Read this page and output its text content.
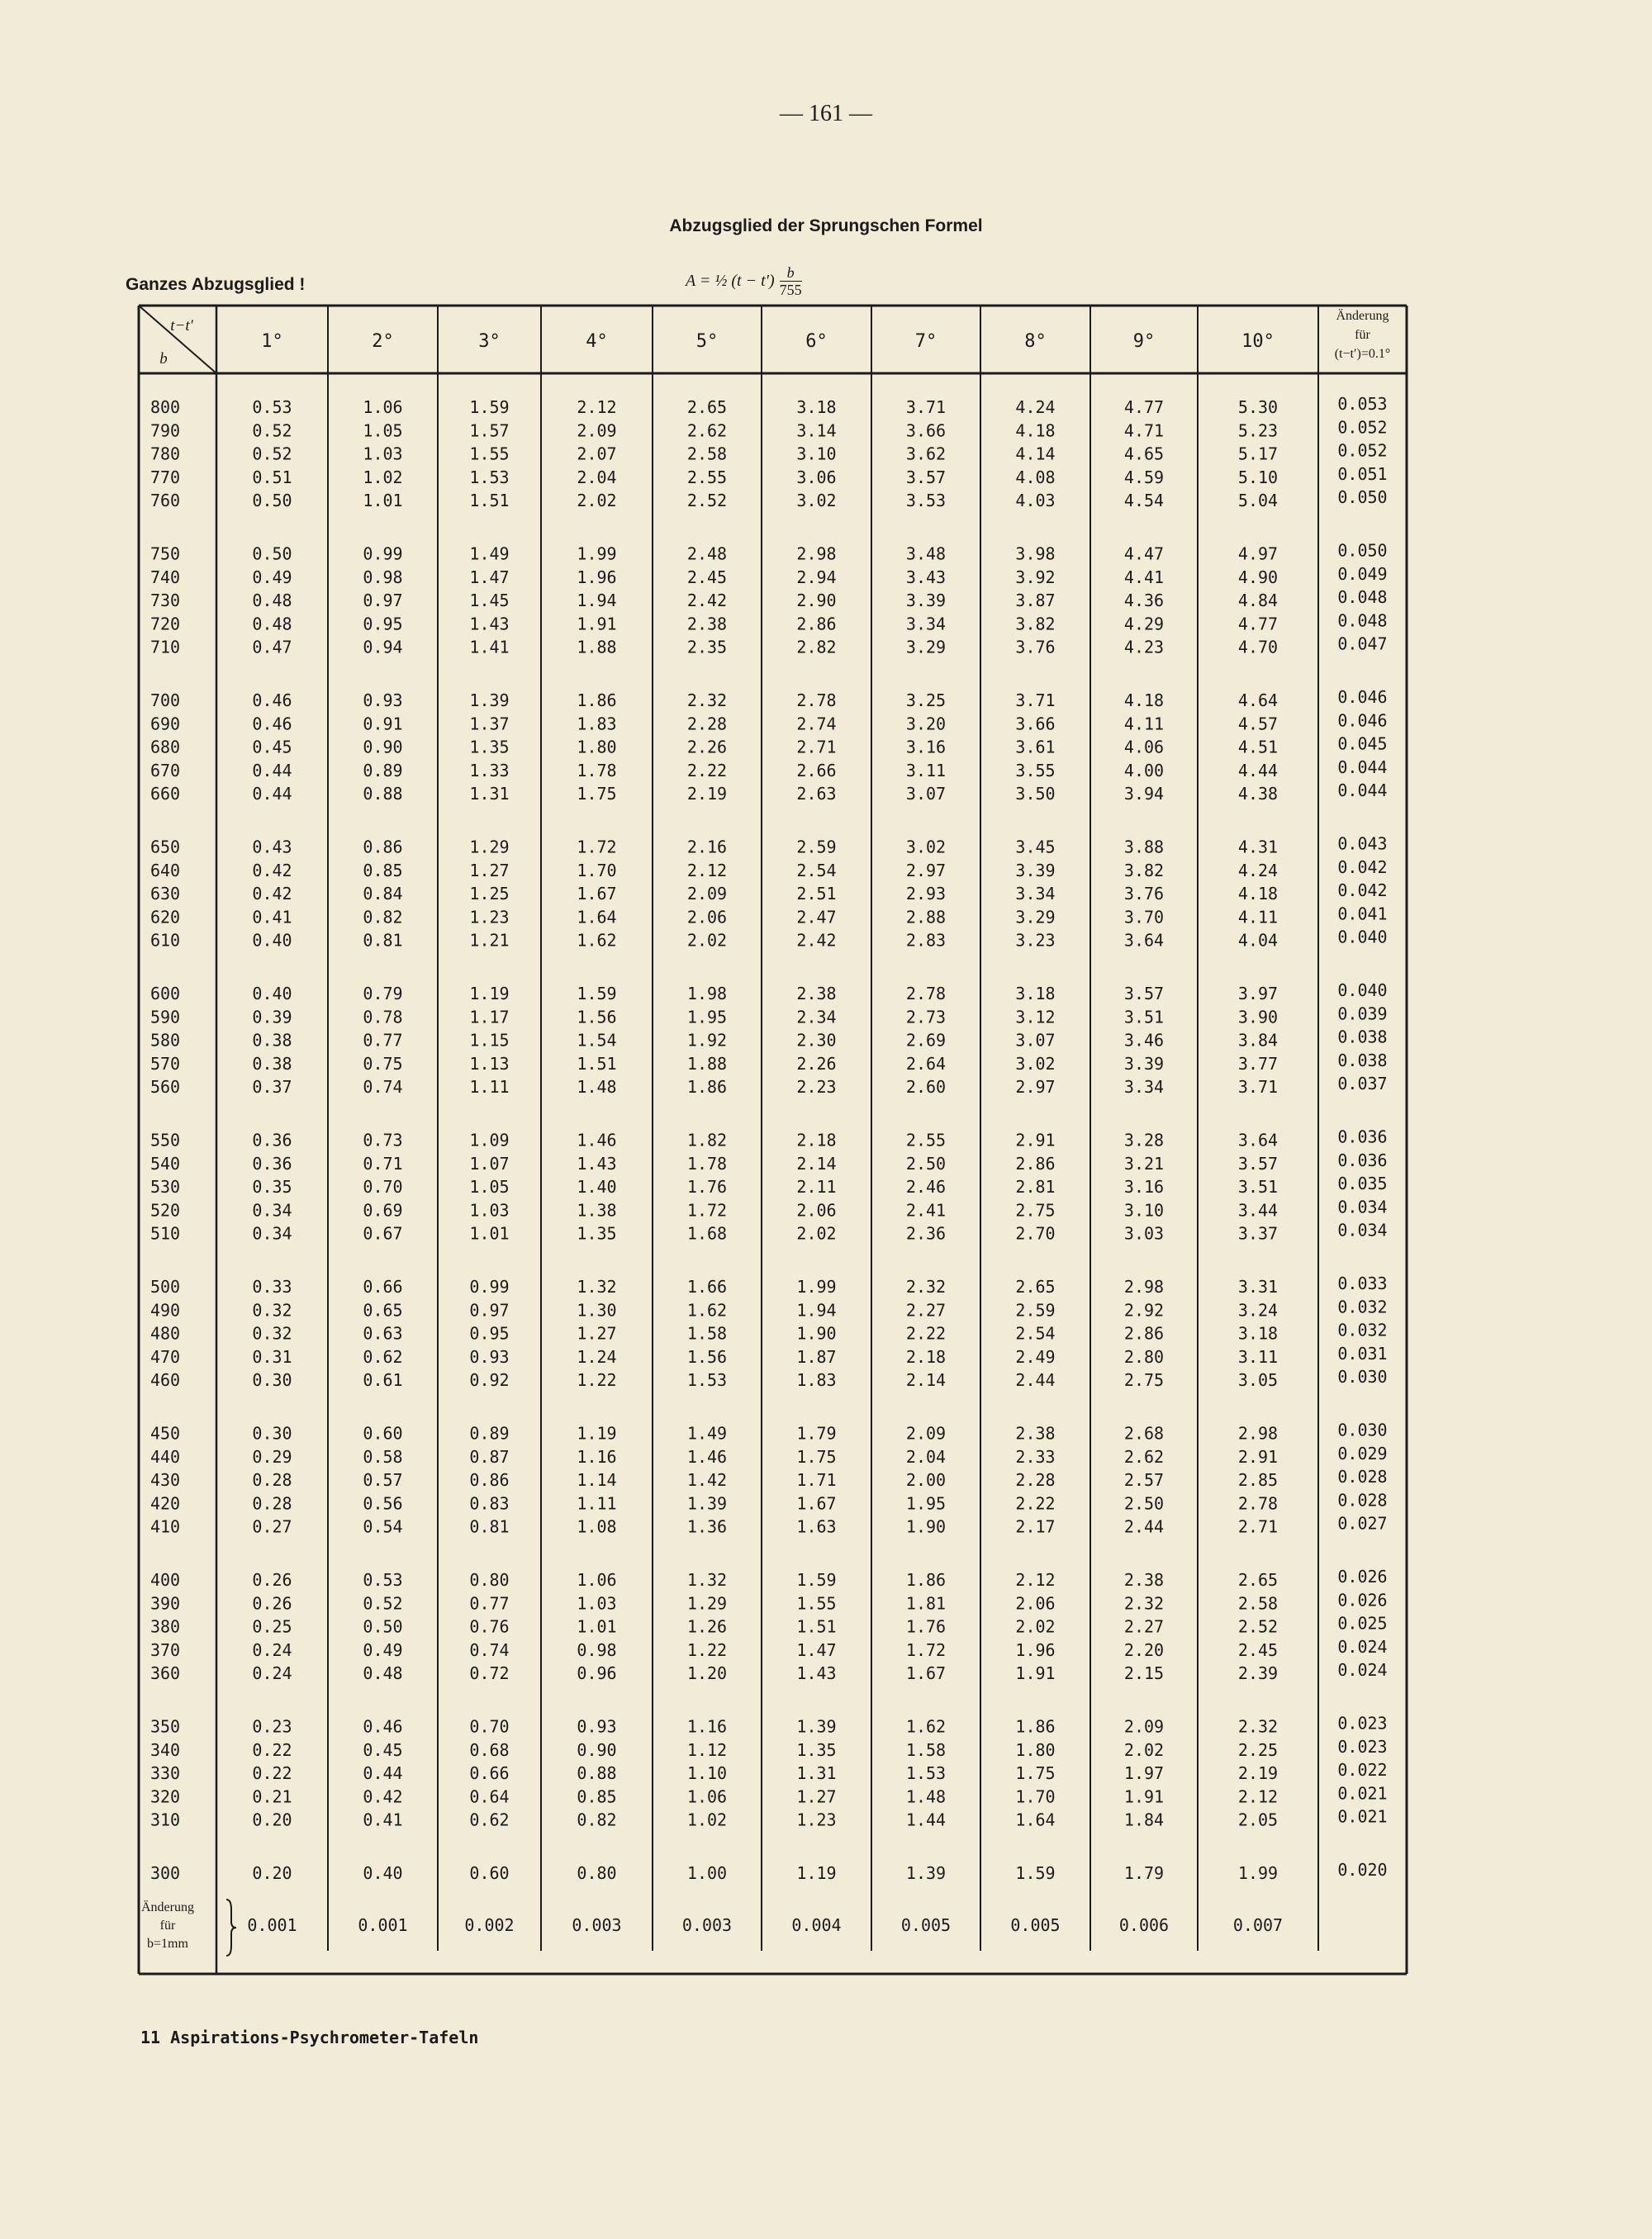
— 161 —
Abzugsglied der Sprungschen Formel
Ganzes Abzugsglied !	A = ½ $(t - t') \frac{b}{755}$
t−t′
b
1°	2°	3°	4°	5°	6°	7°	8°	9°	10°
Änderung
für
(t−t′)=0.1°
800	0.53	1.06	1.59	2.12	2.65	3.18	3.71	4.24	4.77	5.30	0.053
790	0.52	1.05	1.57	2.09	2.62	3.14	3.66	4.18	4.71	5.23	0.052
780	0.52	1.03	1.55	2.07	2.58	3.10	3.62	4.14	4.65	5.17	0.052
770	0.51	1.02	1.53	2.04	2.55	3.06	3.57	4.08	4.59	5.10	0.051
760	0.50	1.01	1.51	2.02	2.52	3.02	3.53	4.03	4.54	5.04	0.050
750	0.50	0.99	1.49	1.99	2.48	2.98	3.48	3.98	4.47	4.97	0.050
740	0.49	0.98	1.47	1.96	2.45	2.94	3.43	3.92	4.41	4.90	0.049
730	0.48	0.97	1.45	1.94	2.42	2.90	3.39	3.87	4.36	4.84	0.048
720	0.48	0.95	1.43	1.91	2.38	2.86	3.34	3.82	4.29	4.77	0.048
710	0.47	0.94	1.41	1.88	2.35	2.82	3.29	3.76	4.23	4.70	0.047
700	0.46	0.93	1.39	1.86	2.32	2.78	3.25	3.71	4.18	4.64	0.046
690	0.46	0.91	1.37	1.83	2.28	2.74	3.20	3.66	4.11	4.57	0.046
680	0.45	0.90	1.35	1.80	2.26	2.71	3.16	3.61	4.06	4.51	0.045
670	0.44	0.89	1.33	1.78	2.22	2.66	3.11	3.55	4.00	4.44	0.044
660	0.44	0.88	1.31	1.75	2.19	2.63	3.07	3.50	3.94	4.38	0.044
650	0.43	0.86	1.29	1.72	2.16	2.59	3.02	3.45	3.88	4.31	0.043
640	0.42	0.85	1.27	1.70	2.12	2.54	2.97	3.39	3.82	4.24	0.042
630	0.42	0.84	1.25	1.67	2.09	2.51	2.93	3.34	3.76	4.18	0.042
620	0.41	0.82	1.23	1.64	2.06	2.47	2.88	3.29	3.70	4.11	0.041
610	0.40	0.81	1.21	1.62	2.02	2.42	2.83	3.23	3.64	4.04	0.040
600	0.40	0.79	1.19	1.59	1.98	2.38	2.78	3.18	3.57	3.97	0.040
590	0.39	0.78	1.17	1.56	1.95	2.34	2.73	3.12	3.51	3.90	0.039
580	0.38	0.77	1.15	1.54	1.92	2.30	2.69	3.07	3.46	3.84	0.038
570	0.38	0.75	1.13	1.51	1.88	2.26	2.64	3.02	3.39	3.77	0.038
560	0.37	0.74	1.11	1.48	1.86	2.23	2.60	2.97	3.34	3.71	0.037
550	0.36	0.73	1.09	1.46	1.82	2.18	2.55	2.91	3.28	3.64	0.036
540	0.36	0.71	1.07	1.43	1.78	2.14	2.50	2.86	3.21	3.57	0.036
530	0.35	0.70	1.05	1.40	1.76	2.11	2.46	2.81	3.16	3.51	0.035
520	0.34	0.69	1.03	1.38	1.72	2.06	2.41	2.75	3.10	3.44	0.034
510	0.34	0.67	1.01	1.35	1.68	2.02	2.36	2.70	3.03	3.37	0.034
500	0.33	0.66	0.99	1.32	1.66	1.99	2.32	2.65	2.98	3.31	0.033
490	0.32	0.65	0.97	1.30	1.62	1.94	2.27	2.59	2.92	3.24	0.032
480	0.32	0.63	0.95	1.27	1.58	1.90	2.22	2.54	2.86	3.18	0.032
470	0.31	0.62	0.93	1.24	1.56	1.87	2.18	2.49	2.80	3.11	0.031
460	0.30	0.61	0.92	1.22	1.53	1.83	2.14	2.44	2.75	3.05	0.030
450	0.30	0.60	0.89	1.19	1.49	1.79	2.09	2.38	2.68	2.98	0.030
440	0.29	0.58	0.87	1.16	1.46	1.75	2.04	2.33	2.62	2.91	0.029
430	0.28	0.57	0.86	1.14	1.42	1.71	2.00	2.28	2.57	2.85	0.028
420	0.28	0.56	0.83	1.11	1.39	1.67	1.95	2.22	2.50	2.78	0.028
410	0.27	0.54	0.81	1.08	1.36	1.63	1.90	2.17	2.44	2.71	0.027
400	0.26	0.53	0.80	1.06	1.32	1.59	1.86	2.12	2.38	2.65	0.026
390	0.26	0.52	0.77	1.03	1.29	1.55	1.81	2.06	2.32	2.58	0.026
380	0.25	0.50	0.76	1.01	1.26	1.51	1.76	2.02	2.27	2.52	0.025
370	0.24	0.49	0.74	0.98	1.22	1.47	1.72	1.96	2.20	2.45	0.024
360	0.24	0.48	0.72	0.96	1.20	1.43	1.67	1.91	2.15	2.39	0.024
350	0.23	0.46	0.70	0.93	1.16	1.39	1.62	1.86	2.09	2.32	0.023
340	0.22	0.45	0.68	0.90	1.12	1.35	1.58	1.80	2.02	2.25	0.023
330	0.22	0.44	0.66	0.88	1.10	1.31	1.53	1.75	1.97	2.19	0.022
320	0.21	0.42	0.64	0.85	1.06	1.27	1.48	1.70	1.91	2.12	0.021
310	0.20	0.41	0.62	0.82	1.02	1.23	1.44	1.64	1.84	2.05	0.021
300	0.20	0.40	0.60	0.80	1.00	1.19	1.39	1.59	1.79	1.99	0.020
Änderung
für
b=1mm
0.001	0.001	0.002	0.003	0.003	0.004	0.005	0.005	0.006	0.007
11 Aspirations-Psychrometer-Tafeln
